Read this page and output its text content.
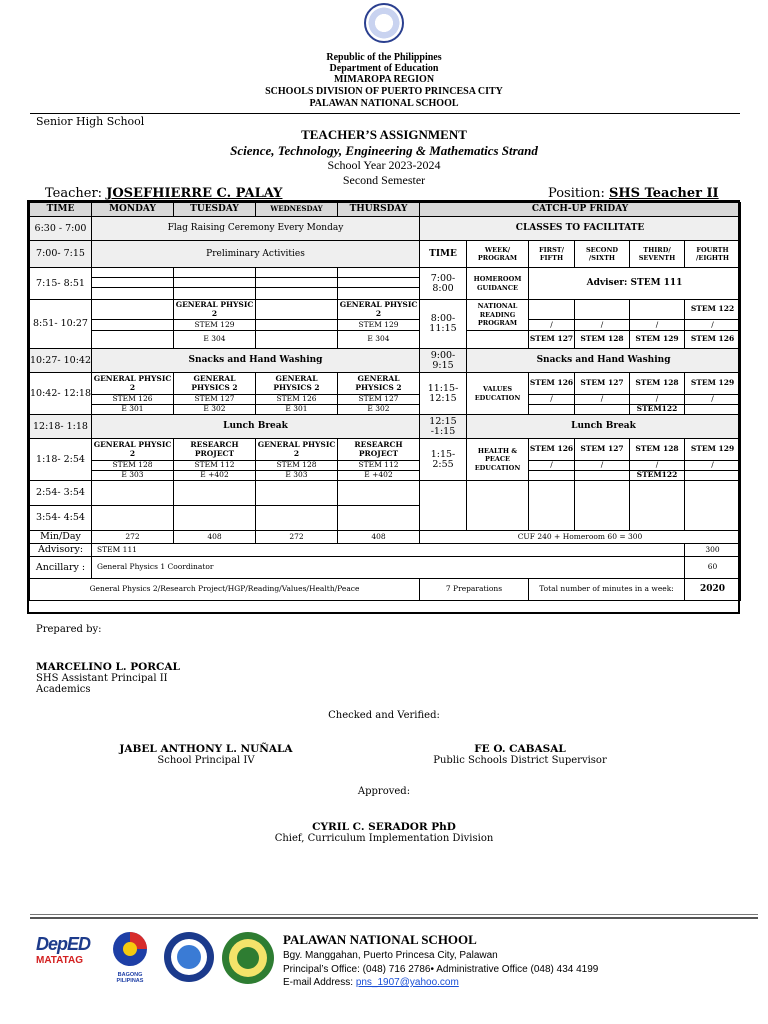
Republic of the Philippines
Department of Education
MIMAROPA REGION
SCHOOLS DIVISION OF PUERTO PRINCESA CITY
PALAWAN NATIONAL SCHOOL
Senior High School
TEACHER’S ASSIGNMENT
Science, Technology, Engineering & Mathematics Strand
School Year 2023-2024
Second Semester
Teacher: JOSEFHIERRE C. PALAY	Position: SHS Teacher II
TIME	MONDAY	TUESDAY	WEDNESDAY	THURSDAY	CATCH-UP FRIDAY					
6:30 - 7:00	Flag Raising Ceremony Every Monday				CLASSES TO FACILITATE					
7:00- 7:15	Preliminary Activities				TIME	WEEK/ PROGRAM	FIRST/ FIFTH	SECOND /SIXTH	THIRD/ SEVENTH	FOURTH /EIGHTH
7:15- 8:51					7:00- 8:00	HOMEROOM GUIDANCE	Adviser: STEM 111			

8:51- 10:27		GENERAL PHYSIC 2		GENERAL PHYSIC 2	8:00- 11:15	NATIONAL READING PROGRAM				STEM 122
		STEM 129		STEM 129			/	/	/	/
		E 304		E 304			STEM 127	STEM 128	STEM 129	STEM 126
10:27- 10:42	Snacks and Hand Washing				9:00- 9:15	Snacks and Hand Washing				
10:42- 12:18	GENERAL PHYSIC 2	GENERAL PHYSICS 2	GENERAL PHYSICS 2	GENERAL PHYSICS 2	11:15- 12:15	VALUES EDUCATION	STEM 126	STEM 127	STEM 128	STEM 129
	STEM 126	STEM 127	STEM 126	STEM 127			/	/	/	/
	E 301	E 302	E 301	E 302					STEM122	
12:18- 1:18	Lunch Break				12:15 -1:15	Lunch Break				
1:18- 2:54	GENERAL PHYSIC 2	RESEARCH PROJECT	GENERAL PHYSIC 2	RESEARCH PROJECT	1:15- 2:55	HEALTH & PEACE EDUCATION	STEM 126	STEM 127	STEM 128	STEM 129
	STEM 128	STEM 112	STEM 128	STEM 112			/	/	/	/
	E 303	E +402	E 303	E +402					STEM122	
2:54- 3:54										
3:54- 4:54										
Min/Day	272	408	272	408	CUF 240 + Homeroom 60 = 300					
Advisory:	STEM 111									300
Ancillary :	General Physics 1 Coordinator									60
General Physics 2/Research Project/HGP/Reading/Values/Health/Peace					7 Preparations		Total number of minutes in a week:			2020
Prepared by:
MARCELINO L. PORCAL
SHS Assistant Principal II
Academics
Checked and Verified:
JABEL ANTHONY L. NUÑALA
School Principal IV
FE O. CABASAL
Public Schools District Supervisor
Approved:
CYRIL C. SERADOR PhD
Chief, Curriculum Implementation Division
DepED
MATATAG
BAGONG PILIPINAS
PALAWAN NATIONAL SCHOOL
Bgy. Manggahan, Puerto Princesa City, Palawan
Principal’s Office: (048) 716 2786• Administrative Office (048) 434 4199
E-mail Address: pns_1907@yahoo.com
